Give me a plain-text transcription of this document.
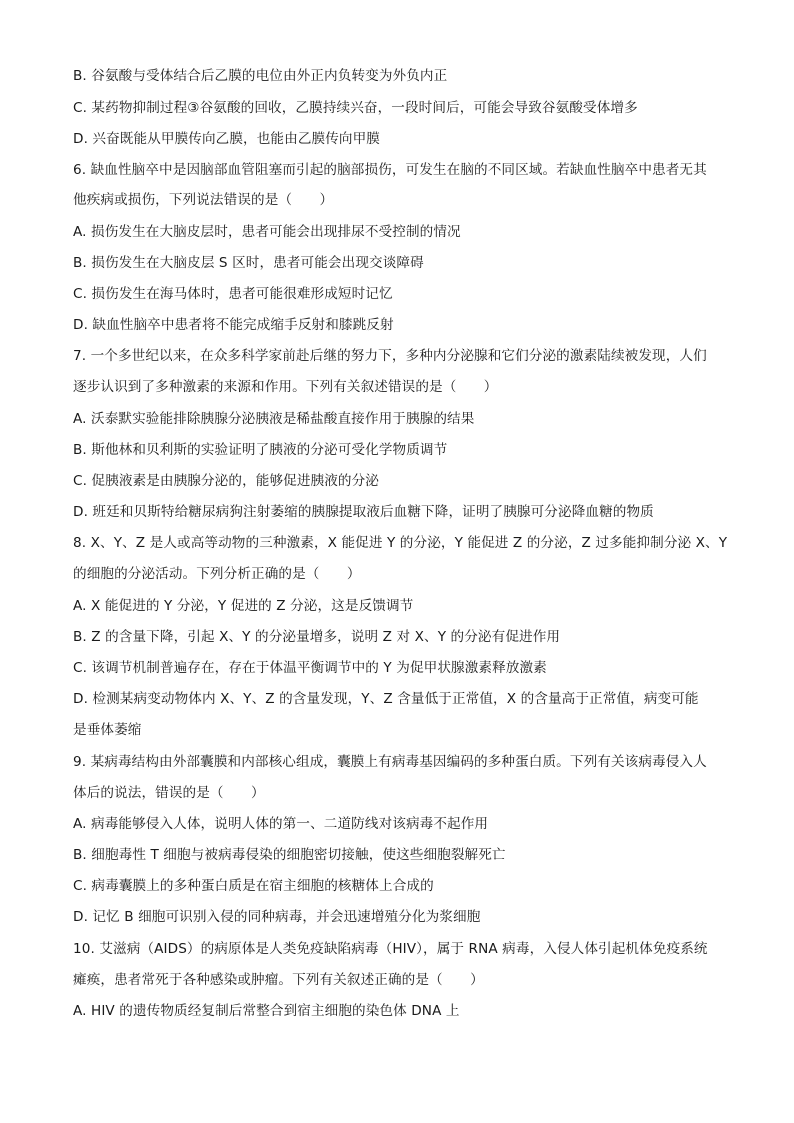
B. 谷氨酸与受体结合后乙膜的电位由外正内负转变为外负内正
C. 某药物抑制过程③谷氨酸的回收，乙膜持续兴奋，一段时间后，可能会导致谷氨酸受体增多
D. 兴奋既能从甲膜传向乙膜，也能由乙膜传向甲膜
6. 缺血性脑卒中是因脑部血管阻塞而引起的脑部损伤，可发生在脑的不同区域。若缺血性脑卒中患者无其
他疾病或损伤，下列说法错误的是（　　）
A. 损伤发生在大脑皮层时，患者可能会出现排尿不受控制的情况
B. 损伤发生在大脑皮层 S 区时，患者可能会出现交谈障碍
C. 损伤发生在海马体时，患者可能很难形成短时记忆
D. 缺血性脑卒中患者将不能完成缩手反射和膝跳反射
7. 一个多世纪以来，在众多科学家前赴后继的努力下，多种内分泌腺和它们分泌的激素陆续被发现，人们
逐步认识到了多种激素的来源和作用。下列有关叙述错误的是（　　）
A. 沃泰默实验能排除胰腺分泌胰液是稀盐酸直接作用于胰腺的结果
B. 斯他林和贝利斯的实验证明了胰液的分泌可受化学物质调节
C. 促胰液素是由胰腺分泌的，能够促进胰液的分泌
D. 班廷和贝斯特给糖尿病狗注射萎缩的胰腺提取液后血糖下降，证明了胰腺可分泌降血糖的物质
8. X、Y、Z 是人或高等动物的三种激素，X 能促进 Y 的分泌，Y 能促进 Z 的分泌，Z 过多能抑制分泌 X、Y
的细胞的分泌活动。下列分析正确的是（　　）
A. X 能促进的 Y 分泌，Y 促进的 Z 分泌，这是反馈调节
B. Z 的含量下降，引起 X、Y 的分泌量增多，说明 Z 对 X、Y 的分泌有促进作用
C. 该调节机制普遍存在，存在于体温平衡调节中的 Y 为促甲状腺激素释放激素
D. 检测某病变动物体内 X、Y、Z 的含量发现，Y、Z 含量低于正常值，X 的含量高于正常值，病变可能
是垂体萎缩
9. 某病毒结构由外部囊膜和内部核心组成，囊膜上有病毒基因编码的多种蛋白质。下列有关该病毒侵入人
体后的说法，错误的是（　　）
A. 病毒能够侵入人体，说明人体的第一、二道防线对该病毒不起作用
B. 细胞毒性 T 细胞与被病毒侵染的细胞密切接触，使这些细胞裂解死亡
C. 病毒囊膜上的多种蛋白质是在宿主细胞的核糖体上合成的
D. 记忆 B 细胞可识别入侵的同种病毒，并会迅速增殖分化为浆细胞
10. 艾滋病（AIDS）的病原体是人类免疫缺陷病毒（HIV），属于 RNA 病毒，入侵人体引起机体免疫系统
瘫痪，患者常死于各种感染或肿瘤。下列有关叙述正确的是（　　）
A. HIV 的遗传物质经复制后常整合到宿主细胞的染色体 DNA 上
